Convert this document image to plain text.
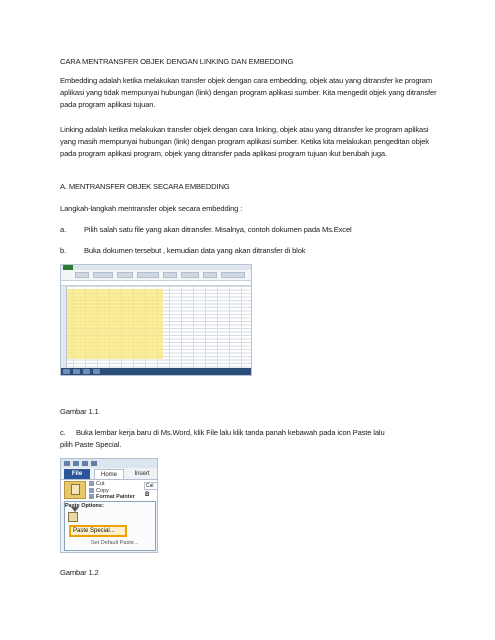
CARA MENTRANSFER OBJEK DENGAN LINKING DAN EMBEDDING
Embedding adalah ketika melakukan transfer objek dengan cara embedding, objek atau yang ditransfer ke program aplikasi yang tidak mempunyai hubungan (link) dengan program aplikasi sumber. Kita mengedit objek yang ditransfer pada program aplikasi tujuan.
Linking adalah ketika melakukan transfer objek dengan cara linking, objek atau yang ditransfer ke program aplikasi yang masih mempunyai hubungan (link) dengan program aplikasi sumber. Ketika kita melakukan pengeditan objek pada program aplikasi program, objek yang ditransfer pada aplikasi program tujuan ikut berubah juga.
A. MENTRANSFER OBJEK SECARA EMBEDDING
Langkah-langkah mentransfer objek secara embedding :
a. Pilih salah satu file yang akan ditransfer. Misalnya, contoh dokumen pada Ms.Excel
b. Buka dokumen tersebut , kemudian data yang akan ditransfer di blok
Gambar 1.1
c. Buka lembar kerja baru di Ms.Word, klik File lalu klik tanda panah kebawah pada icon Paste lalu
pilih Paste Special.
File	Home	Insert
Cut
Copy
Format Painter
Cal
B
Paste Options:
Paste Special...
Set Default Paste...
Gambar 1.2
